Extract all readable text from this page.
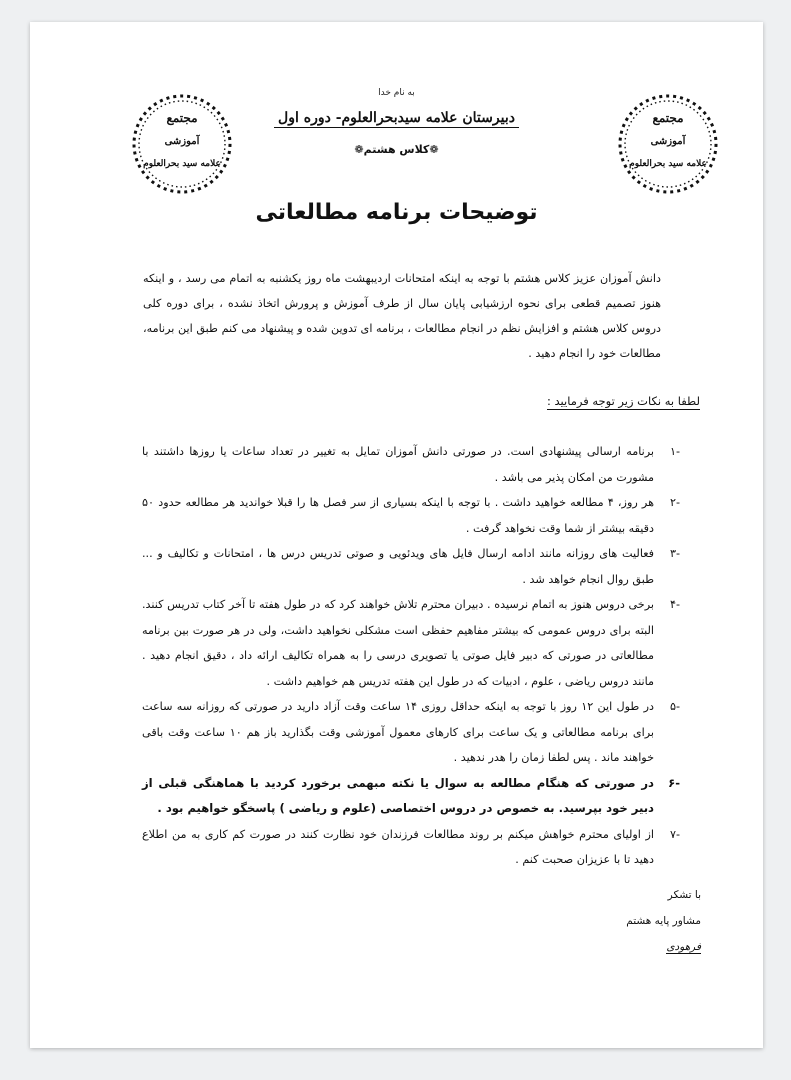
مجتمع
آموزشی
علامه سید بحرالعلوم
مجتمع
آموزشی
علامه سید بحرالعلوم
به نام خدا
دبیرستان علامه سیدبحرالعلوم- دوره اول
❁کلاس هشتم❁
توضیحات برنامه مطالعاتی
دانش آموزان عزیز کلاس هشتم با توجه به اینکه امتحانات اردیبهشت ماه روز یکشنبه به اتمام می رسد ، و اینکه هنوز تصمیم قطعی برای نحوه ارزشیابی پایان سال از طرف آموزش و پرورش اتخاذ نشده ، برای دوره کلی دروس کلاس هشتم و افزایش نظم در انجام مطالعات ، برنامه ای تدوین شده و پیشنهاد می کنم طبق این برنامه، مطالعات خود را انجام دهید .
لطفا به نکات زیر توجه فرمایید :
-۱
برنامه ارسالی پیشنهادی است. در صورتی دانش آموزان تمایل به تغییر در تعداد ساعات یا روزها داشتند با مشورت من امکان پذیر می باشد .
-۲
هر روز، ۴ مطالعه خواهید داشت . با توجه با اینکه بسیاری از سر فصل ها را قبلا خوانديد هر مطالعه حدود ۵۰ دقیقه بیشتر از شما وقت نخواهد گرفت .
-۳
فعالیت های روزانه مانند ادامه ارسال فایل های ویدئویی و صوتی تدریس درس ها ، امتحانات و تکالیف و ... طبق روال انجام خواهد شد .
-۴
برخی دروس هنوز به اتمام نرسیده . دبیران محترم تلاش خواهند کرد که در طول هفته تا آخر کتاب تدریس کنند. البته برای دروس عمومی که بیشتر مفاهیم حفظی است مشکلی نخواهید داشت، ولی در هر صورت بین برنامه مطالعاتی در صورتی که دبیر فایل صوتی یا تصویری درسی را به همراه تکالیف ارائه داد ، دقیق انجام دهید . مانند دروس ریاضی ، علوم ، ادبیات که در طول این هفته تدریس هم خواهیم داشت .
-۵
در طول این ۱۲ روز با توجه به اینکه حداقل روزی ۱۴ ساعت وقت آزاد دارید در صورتی که روزانه سه ساعت برای برنامه مطالعاتی و یک ساعت برای کارهای معمول آموزشی وقت بگذارید باز هم ۱۰ ساعت وقت باقی خواهند ماند . پس لطفا زمان را هدر ندهید .
-۶
در صورتی که هنگام مطالعه به سوال یا نکته مبهمی برخورد کردید با هماهنگی قبلی از دبیر خود بپرسید. به خصوص در دروس اختصاصی (علوم و ریاضی ) پاسخگو خواهیم بود .
-۷
از اولیای محترم خواهش میکنم بر روند مطالعات فرزندان خود نظارت کنند در صورت کم کاری به من اطلاع دهید تا با عزیزان صحبت کنم .
با تشکر
مشاور پایه هشتم
فرهودی
